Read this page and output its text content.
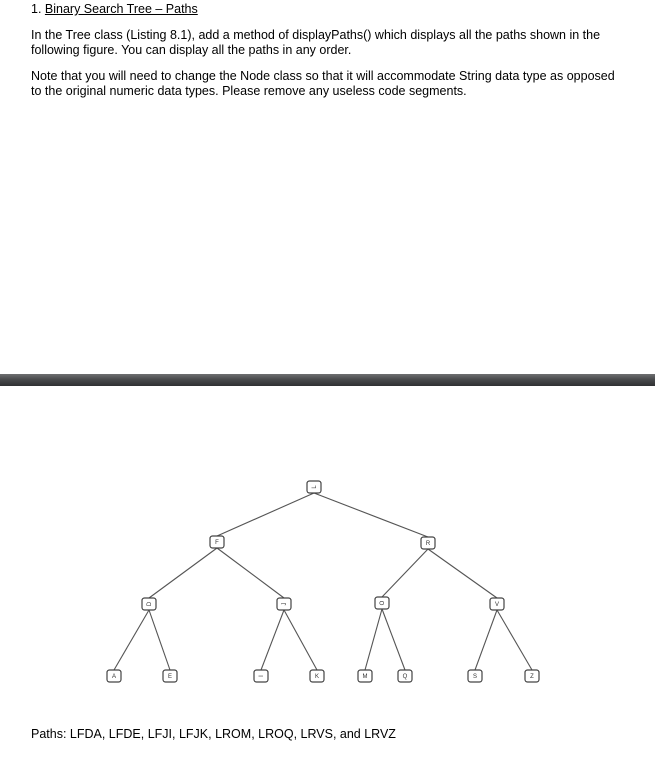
1. Binary Search Tree – Paths

In the Tree class (Listing 8.1), add a method of displayPaths() which displays all the paths shown in the following figure. You can display all the paths in any order.

Note that you will need to change the Node class so that it will accommodate String data type as opposed to the original numeric data types. Please remove any useless code segments.

L
F	R
D	J	O	V
A	E	I	K	M	Q	S	Z
Paths: LFDA, LFDE, LFJI, LFJK, LROM, LROQ, LRVS, and LRVZ
